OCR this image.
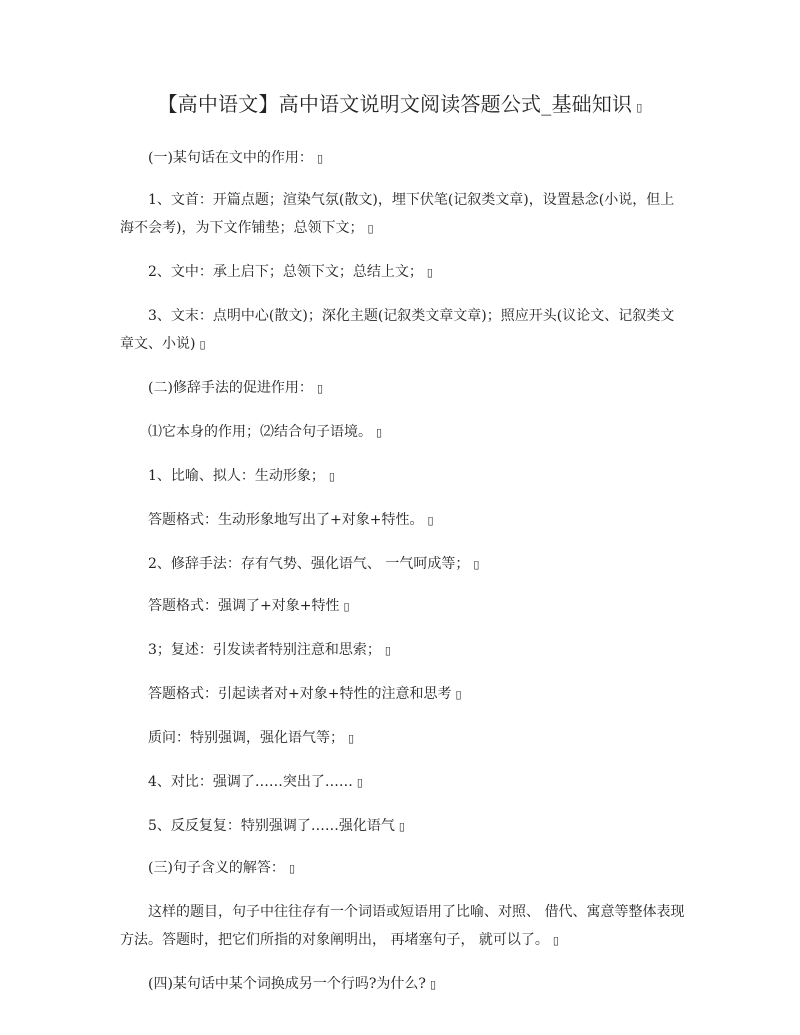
【高中语文】高中语文说明文阅读答题公式_基础知识 ▯
(一)某句话在文中的作用： ▯
1、文首：开篇点题；渲染气氛(散文)，埋下伏笔(记叙类文章)，设置悬念(小说，但上海不会考)，为下文作铺垫；总领下文； ▯
2、文中：承上启下；总领下文；总结上文； ▯
3、文末：点明中心(散文)；深化主题(记叙类文章文章)；照应开头(议论文、记叙类文章文、小说) ▯
(二)修辞手法的促进作用： ▯
⑴它本身的作用；⑵结合句子语境。 ▯
1、比喻、拟人：生动形象； ▯
答题格式：生动形象地写出了+对象+特性。 ▯
2、修辞手法：存有气势、强化语气、 一气呵成等； ▯
答题格式：强调了+对象+特性 ▯
3；复述：引发读者特别注意和思索； ▯
答题格式：引起读者对+对象+特性的注意和思考 ▯
质问：特别强调，强化语气等； ▯
4、对比：强调了……突出了…… ▯
5、反反复复：特别强调了……强化语气 ▯
(三)句子含义的解答： ▯
这样的题目，句子中往往存有一个词语或短语用了比喻、对照、 借代、寓意等整体表现方法。答题时，把它们所指的对象阐明出， 再堵塞句子， 就可以了。 ▯
(四)某句话中某个词换成另一个行吗?为什么? ▯
